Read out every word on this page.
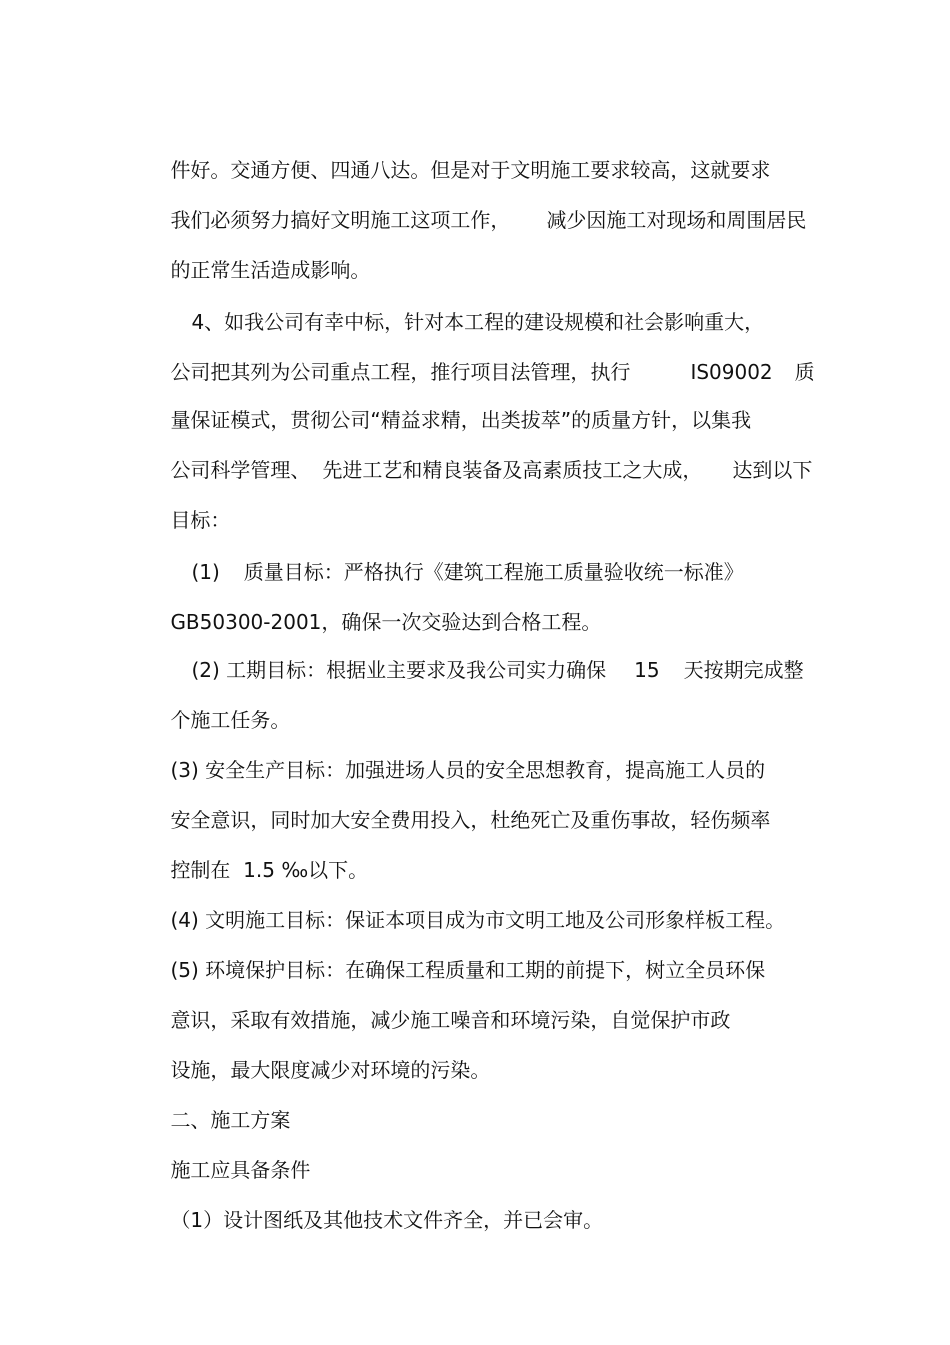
件好。交通方便、四通八达。但是对于文明施工要求较高，这就要求

我们必须努力搞好文明施工这项工作， 减少因施工对现场和周围居民

的正常生活造成影响。

4、如我公司有幸中标，针对本工程的建设规模和社会影响重大，

公司把其列为公司重点工程，推行项目法管理，执行	IS09002 质

量保证模式，贯彻公司“精益求精，出类拔萃”的质量方针，以集我

公司科学管理、 先进工艺和精良装备及高素质技工之大成， 达到以下

目标：

(1) 质量目标：严格执行《建筑工程施工质量验收统一标准》

GB50300-2001，确保一次交验达到合格工程。

(2) 工期目标：根据业主要求及我公司实力确保 15 天按期完成整

个施工任务。

(3) 安全生产目标：加强进场人员的安全思想教育，提高施工人员的

安全意识，同时加大安全费用投入，杜绝死亡及重伤事故，轻伤频率

控制在  1.5 ‰以下。

(4) 文明施工目标：保证本项目成为市文明工地及公司形象样板工程。

(5) 环境保护目标：在确保工程质量和工期的前提下，树立全员环保

意识，采取有效措施，减少施工噪音和环境污染，自觉保护市政

设施，最大限度减少对环境的污染。

二、施工方案

施工应具备条件

（1）设计图纸及其他技术文件齐全，并已会审。
